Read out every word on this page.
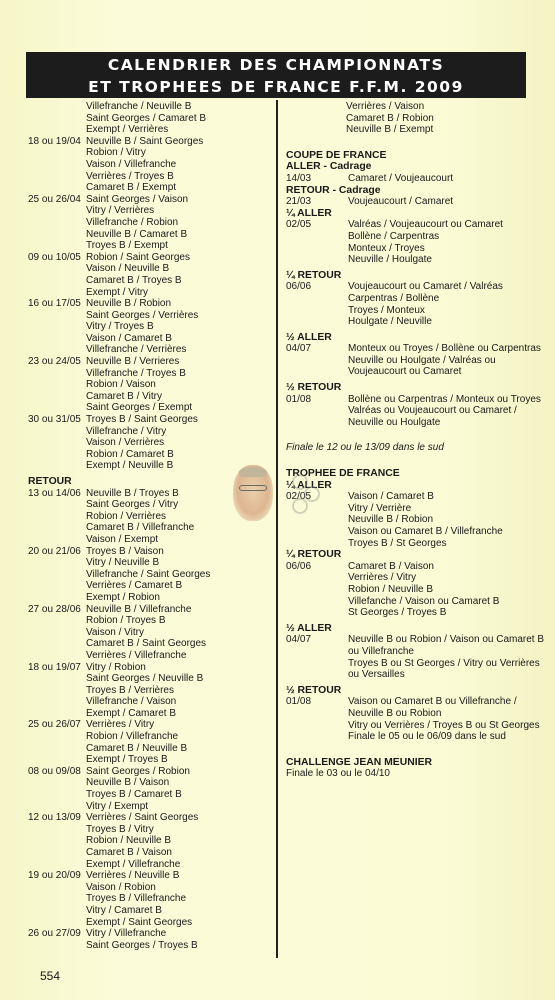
CALENDRIER DES CHAMPIONNATS
ET TROPHEES DE FRANCE F.F.M. 2009
Villefranche / Neuville B
Saint Georges / Camaret B
Exempt / Verrières
18 ou 19/04 Neuville B / Saint Georges
Robion / Vitry
Vaison / Villefranche
Verrières / Troyes B
Camaret B / Exempt
25 ou 26/04 Saint Georges / Vaison
Vitry / Verrières
Villefranche / Robion
Neuville B / Camaret B
Troyes B / Exempt
09 ou 10/05 Robion / Saint Georges
Vaison / Neuville B
Camaret B / Troyes B
Exempt / Vitry
16 ou 17/05 Neuville B / Robion
Saint Georges / Verrières
Vitry / Troyes B
Vaison / Camaret B
Villefranche / Verrières
23 ou 24/05 Neuville B / Verrieres
Villefranche / Troyes B
Robion / Vaison
Camaret B / Vitry
Saint Georges / Exempt
30 ou 31/05 Troyes B / Saint Georges
Villefranche / Vitry
Vaison / Verrières
Robion / Camaret B
Exempt / Neuville B
RETOUR
13 ou 14/06 Neuville B / Troyes B
Saint Georges / Vitry
Robion / Verrières
Camaret B / Villefranche
Vaison / Exempt
20 ou 21/06 Troyes B / Vaison
Vitry / Neuville B
Villefranche / Saint Georges
Verrières / Camaret B
Exempt / Robion
27 ou 28/06 Neuville B / Villefranche
Robion / Troyes B
Vaison / Vitry
Camaret B / Saint Georges
Verrières / Villefranche
18 ou 19/07 Vitry / Robion
Saint Georges / Neuville B
Troyes B / Verrières
Villefranche / Vaison
Exempt / Camaret B
25 ou 26/07 Verrières / Vitry
Robion / Villefranche
Camaret B / Neuville B
Exempt / Troyes B
08 ou 09/08 Saint Georges / Robion
Neuville B / Vaison
Troyes B / Camaret B
Vitry / Exempt
12 ou 13/09 Verrières / Saint Georges
Troyes B / Vitry
Robion / Neuville B
Camaret B / Vaison
Exempt / Villefranche
19 ou 20/09 Verrières / Neuville B
Vaison / Robion
Troyes B / Villefranche
Vitry / Camaret B
Exempt / Saint Georges
26 ou 27/09 Vitry / Villefranche
Saint Georges / Troyes B
Verrières / Vaison
Camaret B / Robion
Neuville B / Exempt
COUPE DE FRANCE
ALLER - Cadrage
14/03	Camaret / Voujeaucourt
RETOUR - Cadrage
21/03	Voujeaucourt / Camaret
¼ ALLER
02/05	Valréas / Voujeaucourt ou Camaret
Bollène / Carpentras
Monteux / Troyes
Neuville / Houlgate
¼ RETOUR
06/06	Voujeaucourt ou Camaret / Valréas
Carpentras / Bollène
Troyes / Monteux
Houlgate / Neuville
½ ALLER
04/07	Monteux ou Troyes / Bollène ou Carpentras
Neuville ou Houlgate / Valréas ou
Voujeaucourt ou Camaret
½ RETOUR
01/08	Bollène ou Carpentras / Monteux ou Troyes
Valréas ou Voujeaucourt ou Camaret /
Neuville ou Houlgate
Finale le 12 ou le 13/09 dans le sud
TROPHEE DE FRANCE
¼ ALLER
02/05	Vaison / Camaret B
Vitry / Verrière
Neuville B / Robion
Vaison ou Camaret B / Villefranche
Troyes B / St Georges
¼ RETOUR
06/06	Camaret B / Vaison
Verrières / Vitry
Robion / Neuville B
Villefanche / Vaison ou Camaret B
St Georges / Troyes B
½ ALLER
04/07	Neuville B ou Robion / Vaison ou Camaret B
ou Villefranche
Troyes B ou St Georges / Vitry ou Verrières
ou Versailles
½ RETOUR
01/08	Vaison ou Camaret B ou Villefranche /
Neuville B ou Robion
Vitry ou Verrières / Troyes B ou St Georges
Finale le 05 ou le 06/09 dans le sud
CHALLENGE JEAN MEUNIER
Finale le 03 ou le 04/10
554
